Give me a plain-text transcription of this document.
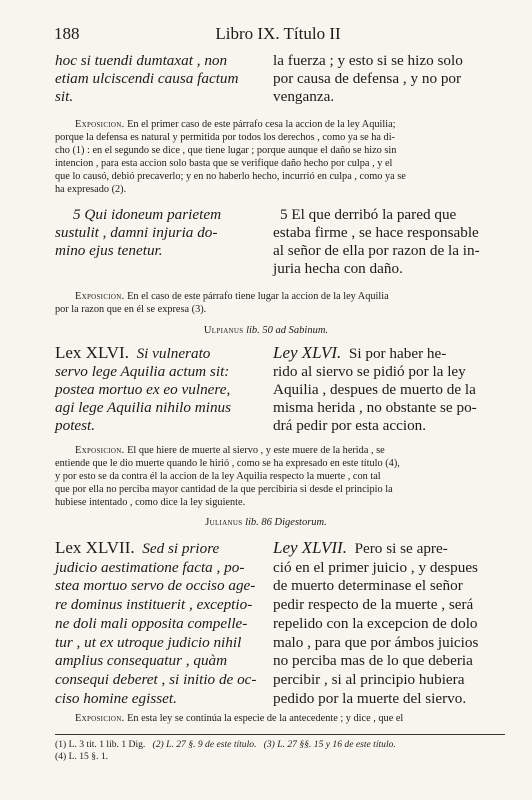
188	Libro IX. Título II
hoc si tuendi dumtaxat , non
etiam ulciscendi causa factum
sit.
la fuerza ; y esto si se hizo solo
por causa de defensa , y no por
venganza.
Exposicion. En el primer caso de este párrafo cesa la accion de la ley Aquilia;
porque la defensa es natural y permitida por todos los derechos , como ya se ha di-
cho (1) : en el segundo se dice , que tiene lugar ; porque aunque el daño se hizo sin
intencion , para esta accion solo basta que se verifique daño hecho por culpa , y el
que lo causó, debió precaverlo; y en no haberlo hecho, incurrió en culpa , como ya se
ha expresado (2).
5 Qui idoneum parietem
sustulit , damni injuria do-
mino ejus tenetur.
5 El que derribó la pared que
estaba firme , se hace responsable
al señor de ella por razon de la in-
juria hecha con daño.
Exposicion. En el caso de este párrafo tiene lugar la accion de la ley Aquilia
por la razon que en él se expresa (3).
Ulpianus lib. 50 ad Sabinum.
Lex XLVI. Si vulnerato
servo lege Aquilia actum sit:
postea mortuo ex eo vulnere,
agi lege Aquilia nihilo minus
potest.
Ley XLVI. Si por haber he-
rido al siervo se pidió por la ley
Aquilia , despues de muerto de la
misma herida , no obstante se po-
drá pedir por esta accion.
Exposicion. El que hiere de muerte al siervo , y este muere de la herida , se
entiende que le dio muerte quando le hirió , como se ha expresado en este título (4),
y por esto se da contra él la accion de la ley Aquilia respecto la muerte , con tal
que por ella no perciba mayor cantidad de la que percibiria si desde el principio la
hubiese intentado , como dice la ley siguiente.
Julianus lib. 86 Digestorum.
Lex XLVII. Sed si priore
judicio aestimatione facta , po-
stea mortuo servo de occiso age-
re dominus instituerit , exceptio-
ne doli mali opposita compelle-
tur , ut ex utroque judicio nihil
amplius consequatur , quàm
consequi deberet , si initio de oc-
ciso homine egisset.
Ley XLVII. Pero si se apre-
ció en el primer juicio , y despues
de muerto determinase el señor
pedir respecto de la muerte , será
repelido con la excepcion de dolo
malo , para que por ámbos juicios
no perciba mas de lo que deberia
percibir , si al principio hubiera
pedido por la muerte del siervo.
Exposicion. En esta ley se continúa la especie de la antecedente ; y dice , que el
(1) L. 3 tit. 1 lib. 1 Dig. (2) L. 27 §. 9 de este título. (3) L. 27 §§. 15 y 16 de este título.
(4) L. 15 §. 1.
